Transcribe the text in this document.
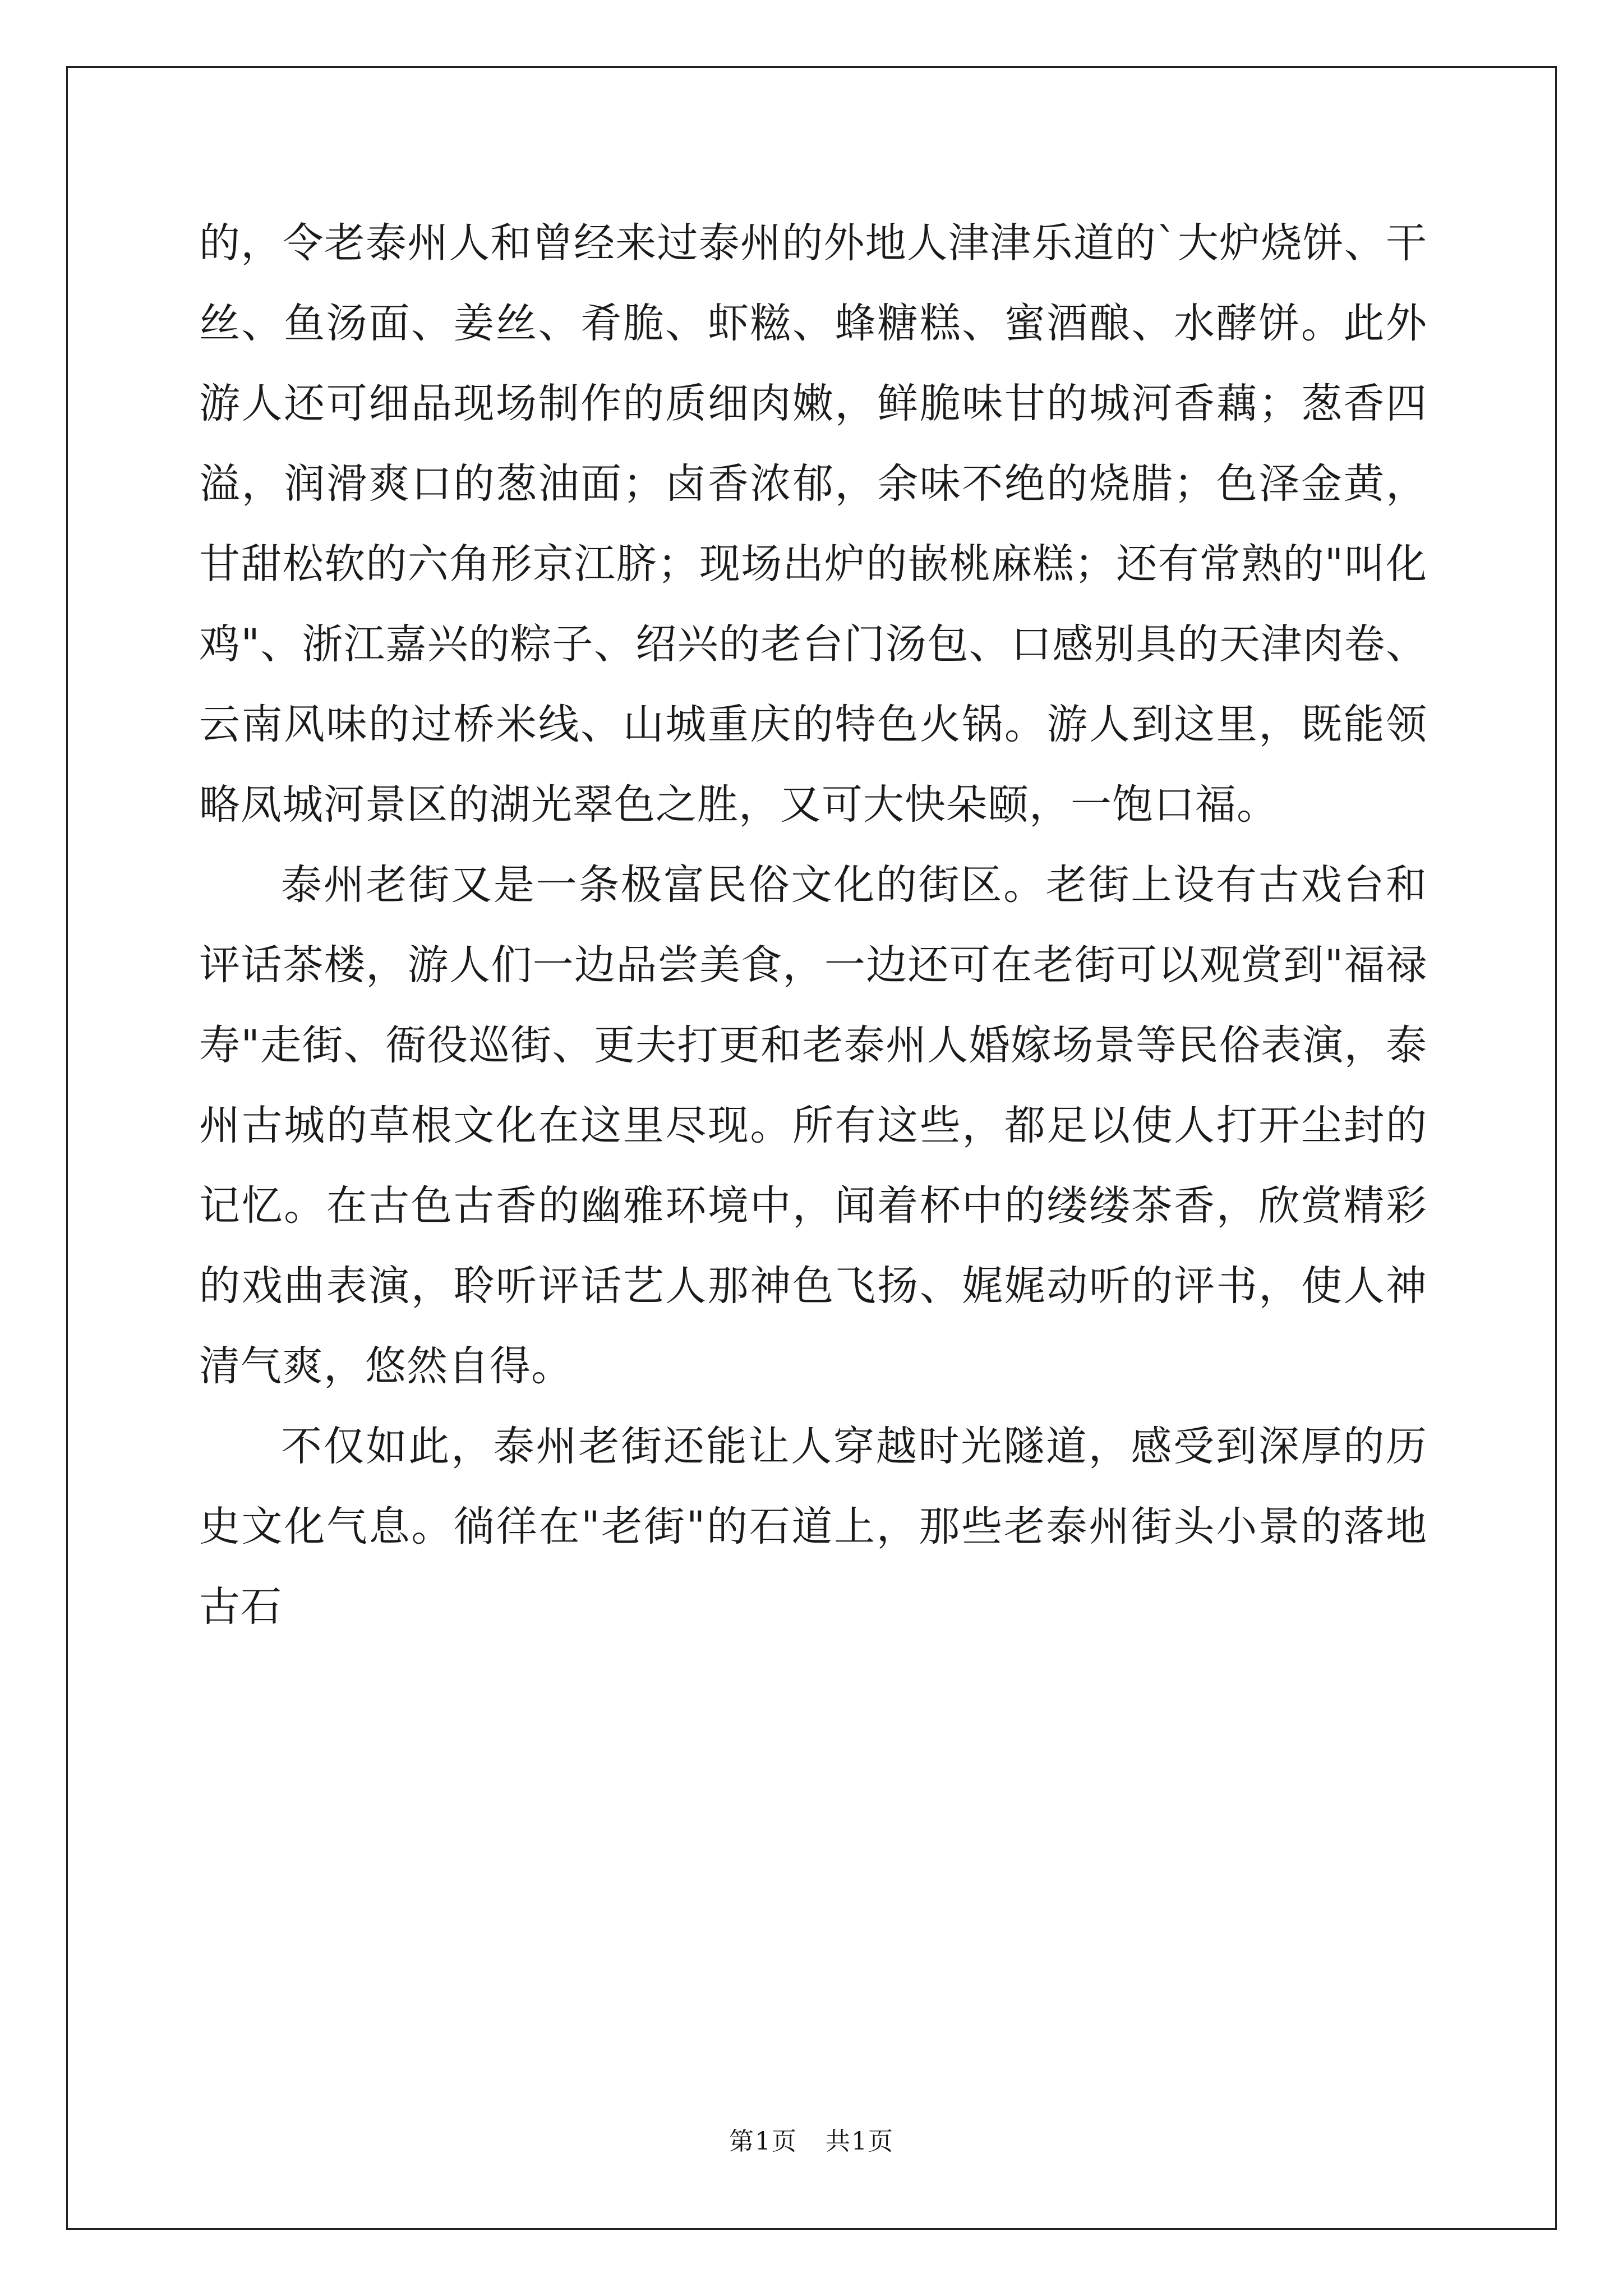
的，令老泰州人和曾经来过泰州的外地人津津乐道的`大炉烧饼、干丝、鱼汤面、姜丝、肴脆、虾糍、蜂糖糕、蜜酒酿、水酵饼。此外游人还可细品现场制作的质细肉嫩，鲜脆味甘的城河香藕；葱香四溢，润滑爽口的葱油面；卤香浓郁，余味不绝的烧腊；色泽金黄，甘甜松软的六角形京江脐；现场出炉的嵌桃麻糕；还有常熟的"叫化鸡"、浙江嘉兴的粽子、绍兴的老台门汤包、口感别具的天津肉卷、云南风味的过桥米线、山城重庆的特色火锅。游人到这里，既能领略凤城河景区的湖光翠色之胜，又可大快朵颐，一饱口福。

泰州老街又是一条极富民俗文化的街区。老街上设有古戏台和评话茶楼，游人们一边品尝美食，一边还可在老街可以观赏到"福禄寿"走街、衙役巡街、更夫打更和老泰州人婚嫁场景等民俗表演，泰州古城的草根文化在这里尽现。所有这些，都足以使人打开尘封的记忆。在古色古香的幽雅环境中，闻着杯中的缕缕茶香，欣赏精彩的戏曲表演，聆听评话艺人那神色飞扬、娓娓动听的评书，使人神清气爽，悠然自得。

不仅如此，泰州老街还能让人穿越时光隧道，感受到深厚的历史文化气息。徜徉在"老街"的石道上，那些老泰州街头小景的落地古石

第1页 共1页
